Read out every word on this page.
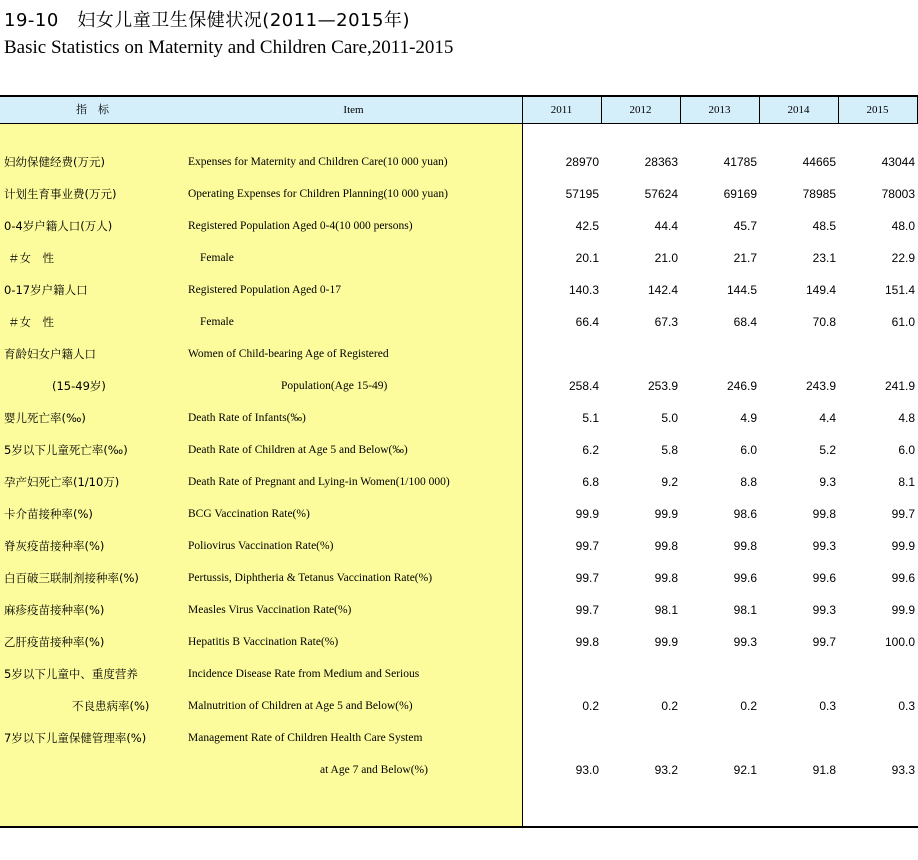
19-10　妇女儿童卫生保健状况(2011—2015年)
Basic Statistics on Maternity and Children Care,2011-2015
指　标	Item	2011	2012	2013	2014	2015
妇幼保健经费(万元)	Expenses for Maternity and Children Care(10 000 yuan)	28970	28363	41785	44665	43044
计划生育事业费(万元)	Operating Expenses for Children Planning(10 000 yuan)	57195	57624	69169	78985	78003
0-4岁户籍人口(万人)	Registered Population Aged 0-4(10 000 persons)	42.5	44.4	45.7	48.5	48.0
＃女　性	Female	20.1	21.0	21.7	23.1	22.9
0-17岁户籍人口	Registered Population Aged 0-17	140.3	142.4	144.5	149.4	151.4
＃女　性	Female	66.4	67.3	68.4	70.8	61.0
育龄妇女户籍人口	Women of Child-bearing Age of Registered
(15-49岁)	Population(Age 15-49)	258.4	253.9	246.9	243.9	241.9
婴儿死亡率(‰)	Death Rate of Infants(‰)	5.1	5.0	4.9	4.4	4.8
5岁以下儿童死亡率(‰)	Death Rate of Children at Age 5 and Below(‰)	6.2	5.8	6.0	5.2	6.0
孕产妇死亡率(1/10万)	Death Rate of Pregnant and Lying-in Women(1/100 000)	6.8	9.2	8.8	9.3	8.1
卡介苗接种率(%)	BCG Vaccination Rate(%)	99.9	99.9	98.6	99.8	99.7
脊灰疫苗接种率(%)	Poliovirus Vaccination Rate(%)	99.7	99.8	99.8	99.3	99.9
白百破三联制剂接种率(%)	Pertussis, Diphtheria & Tetanus Vaccination Rate(%)	99.7	99.8	99.6	99.6	99.6
麻疹疫苗接种率(%)	Measles Virus Vaccination Rate(%)	99.7	98.1	98.1	99.3	99.9
乙肝疫苗接种率(%)	Hepatitis B Vaccination Rate(%)	99.8	99.9	99.3	99.7	100.0
5岁以下儿童中、重度营养	Incidence Disease Rate from Medium and Serious
不良患病率(%)	Malnutrition of Children at Age 5 and Below(%)	0.2	0.2	0.2	0.3	0.3
7岁以下儿童保健管理率(%)	Management Rate of Children Health Care System
at Age 7 and Below(%)	93.0	93.2	92.1	91.8	93.3
